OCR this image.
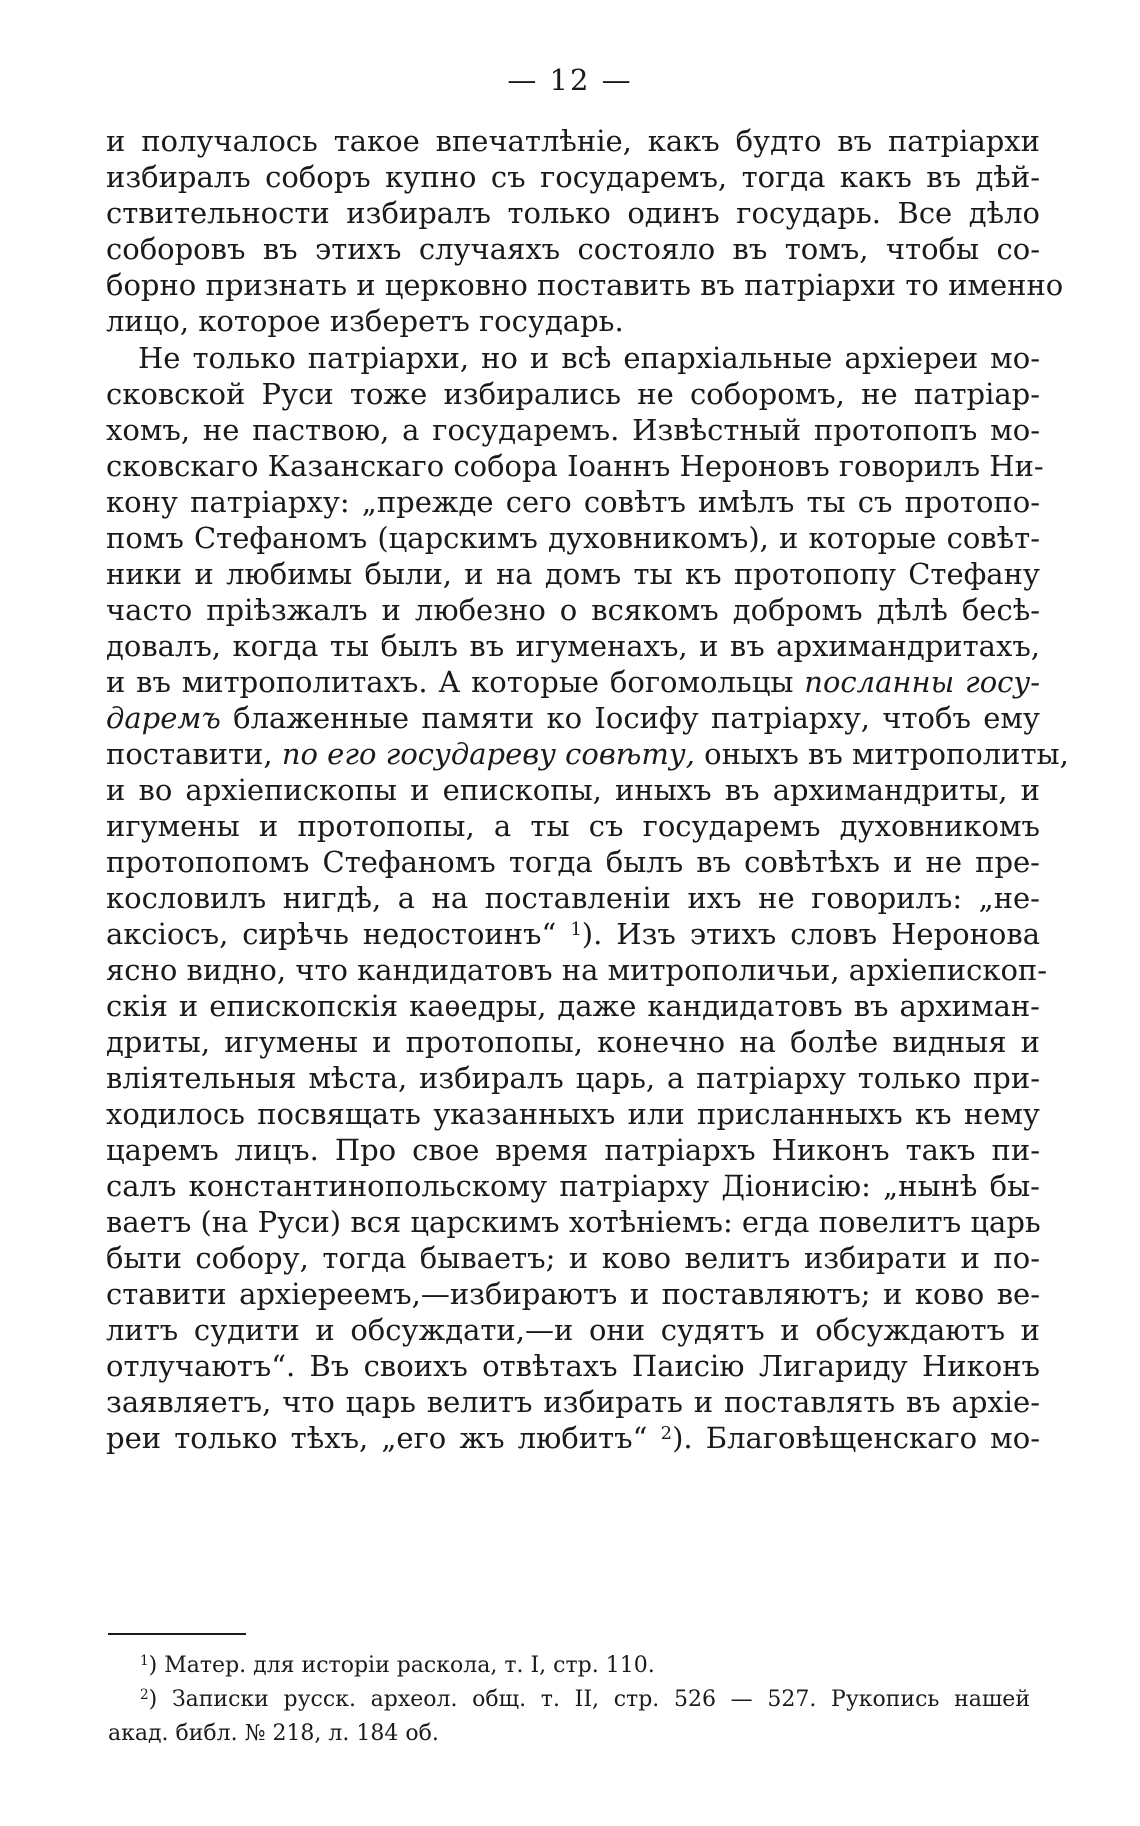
— 12 —
и получалось такое впечатлѣніе, какъ будто въ патріархи
избиралъ соборъ купно съ государемъ, тогда какъ въ дѣй-
ствительности избиралъ только одинъ государь. Все дѣло
соборовъ въ этихъ случаяхъ состояло въ томъ, чтобы со-
борно признать и церковно поставить въ патріархи то именно
лицо, которое изберетъ государь.
Не только патріархи, но и всѣ епархіальные архіереи мо-
сковской Руси тоже избирались не соборомъ, не патріар-
хомъ, не паствою, а государемъ. Извѣстный протопопъ мо-
сковскаго Казанскаго собора Іоаннъ Нероновъ говорилъ Ни-
кону патріарху: „прежде сего совѣтъ имѣлъ ты съ протопо-
помъ Стефаномъ (царскимъ духовникомъ), и которые совѣт-
ники и любимы были, и на домъ ты къ протопопу Стефану
часто пріѣзжалъ и любезно о всякомъ добромъ дѣлѣ бесѣ-
довалъ, когда ты былъ въ игуменахъ, и въ архимандритахъ,
и въ митрополитахъ. А которые богомольцы посланны госу-
даремъ блаженные памяти ко Іосифу патріарху, чтобъ ему
поставити, по его государеву совѣту, оныхъ въ митрополиты,
и во архіепископы и епископы, иныхъ въ архимандриты, и
игумены и протопопы, а ты съ государемъ духовникомъ
протопопомъ Стефаномъ тогда былъ въ совѣтѣхъ и не пре-
кословилъ нигдѣ, а на поставленіи ихъ не говорилъ: „не-
аксіосъ, сирѣчь недостоинъ“ $^1$). Изъ этихъ словъ Неронова
ясно видно, что кандидатовъ на митрополичьи, архіепископ-
скія и епископскія каѳедры, даже кандидатовъ въ архиман-
дриты, игумены и протопопы, конечно на болѣе видныя и
вліятельныя мѣста, избиралъ царь, а патріарху только при-
ходилось посвящать указанныхъ или присланныхъ къ нему
царемъ лицъ. Про свое время патріархъ Никонъ такъ пи-
салъ константинопольскому патріарху Діонисію: „нынѣ бы-
ваетъ (на Руси) вся царскимъ хотѣніемъ: егда повелитъ царь
быти собору, тогда бываетъ; и ково велитъ избирати и по-
ставити архіереемъ,—избираютъ и поставляютъ; и ково ве-
литъ судити и обсуждати,—и они судятъ и обсуждаютъ и
отлучаютъ“. Въ своихъ отвѣтахъ Паисію Лигариду Никонъ
заявляетъ, что царь велитъ избирать и поставлять въ архіе-
реи только тѣхъ, „его жъ любитъ“ $^2$). Благовѣщенскаго мо-
$^1$) Матер. для исторіи раскола, т. I, стр. 110.
$^2$) Записки русск. археол. общ. т. II, стр. 526 — 527. Рукопись нашей
акад. библ. № 218, л. 184 об.
